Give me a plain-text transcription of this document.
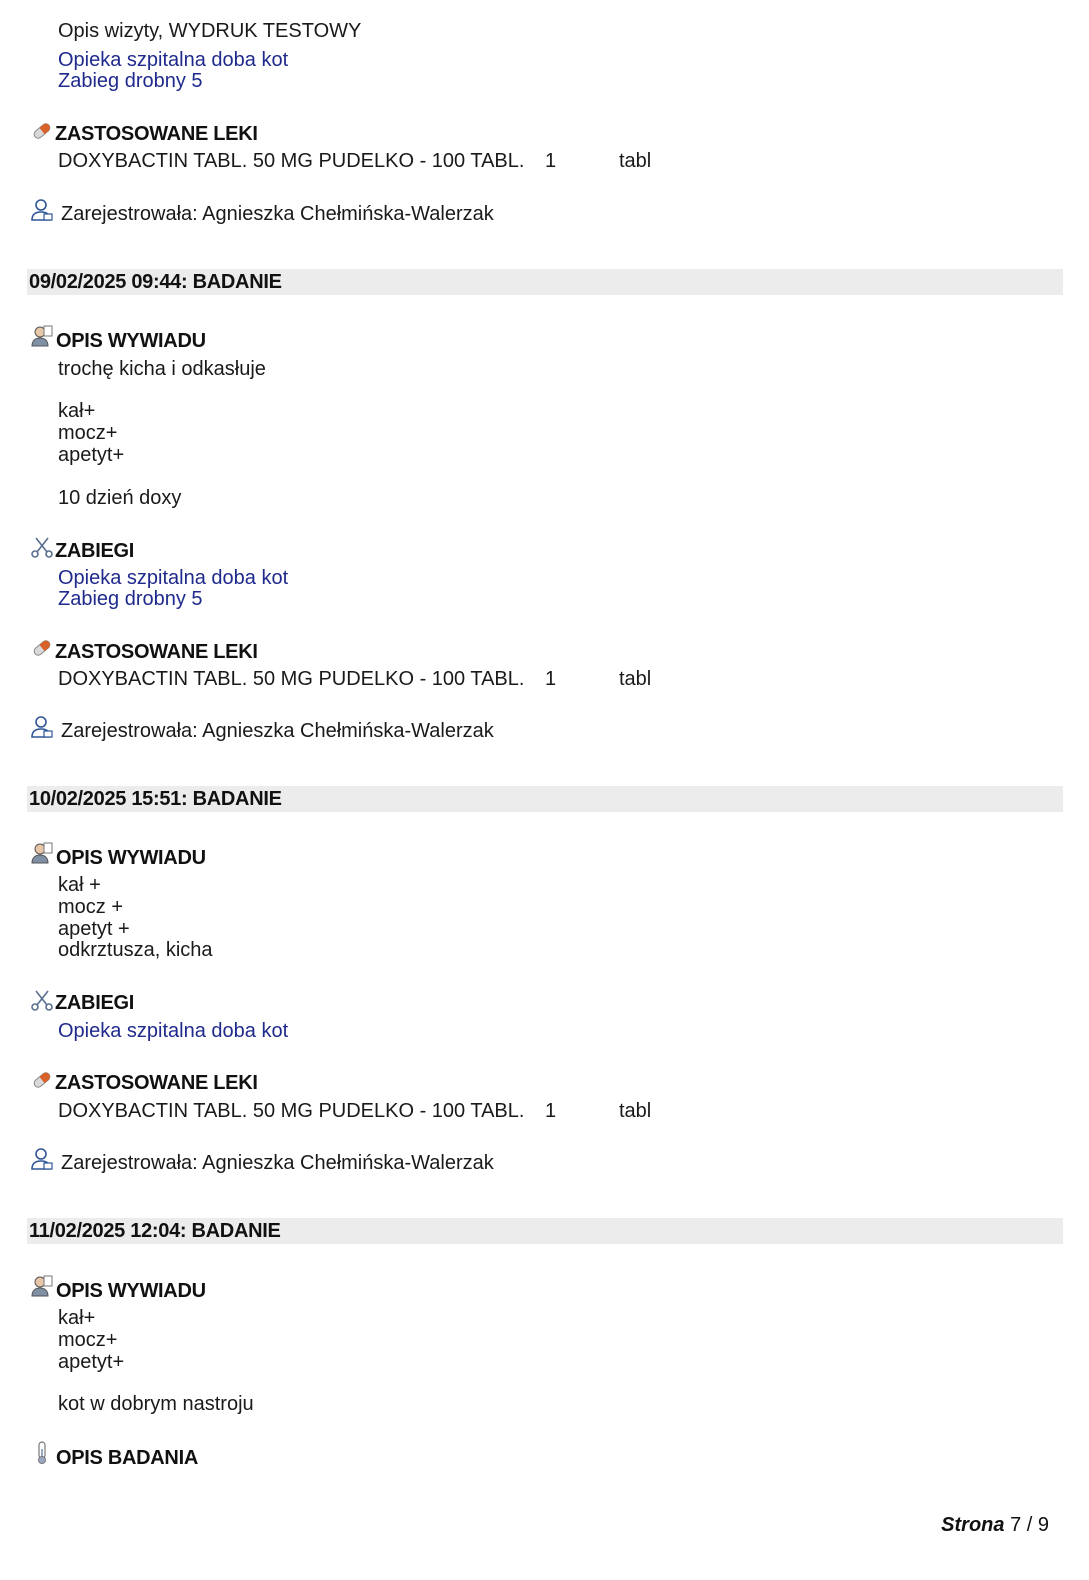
Opis wizyty, WYDRUK TESTOWY
Opieka szpitalna doba kot
Zabieg drobny 5
ZASTOSOWANE LEKI
DOXYBACTIN TABL. 50 MG PUDELKO - 100 TABL. 1	tabl
Zarejestrowała: Agnieszka Chełmińska-Walerzak
09/02/2025 09:44: BADANIE
OPIS WYWIADU
trochę kicha i odkasłuje
kał+
mocz+
apetyt+
10 dzień doxy
ZABIEGI
Opieka szpitalna doba kot
Zabieg drobny 5
ZASTOSOWANE LEKI
DOXYBACTIN TABL. 50 MG PUDELKO - 100 TABL. 1	tabl
Zarejestrowała: Agnieszka Chełmińska-Walerzak
10/02/2025 15:51: BADANIE
OPIS WYWIADU
kał +
mocz +
apetyt +
odkrztusza, kicha
ZABIEGI
Opieka szpitalna doba kot
ZASTOSOWANE LEKI
DOXYBACTIN TABL. 50 MG PUDELKO - 100 TABL. 1	tabl
Zarejestrowała: Agnieszka Chełmińska-Walerzak
11/02/2025 12:04: BADANIE
OPIS WYWIADU
kał+
mocz+
apetyt+
kot w dobrym nastroju
OPIS BADANIA
Strona 7 / 9
